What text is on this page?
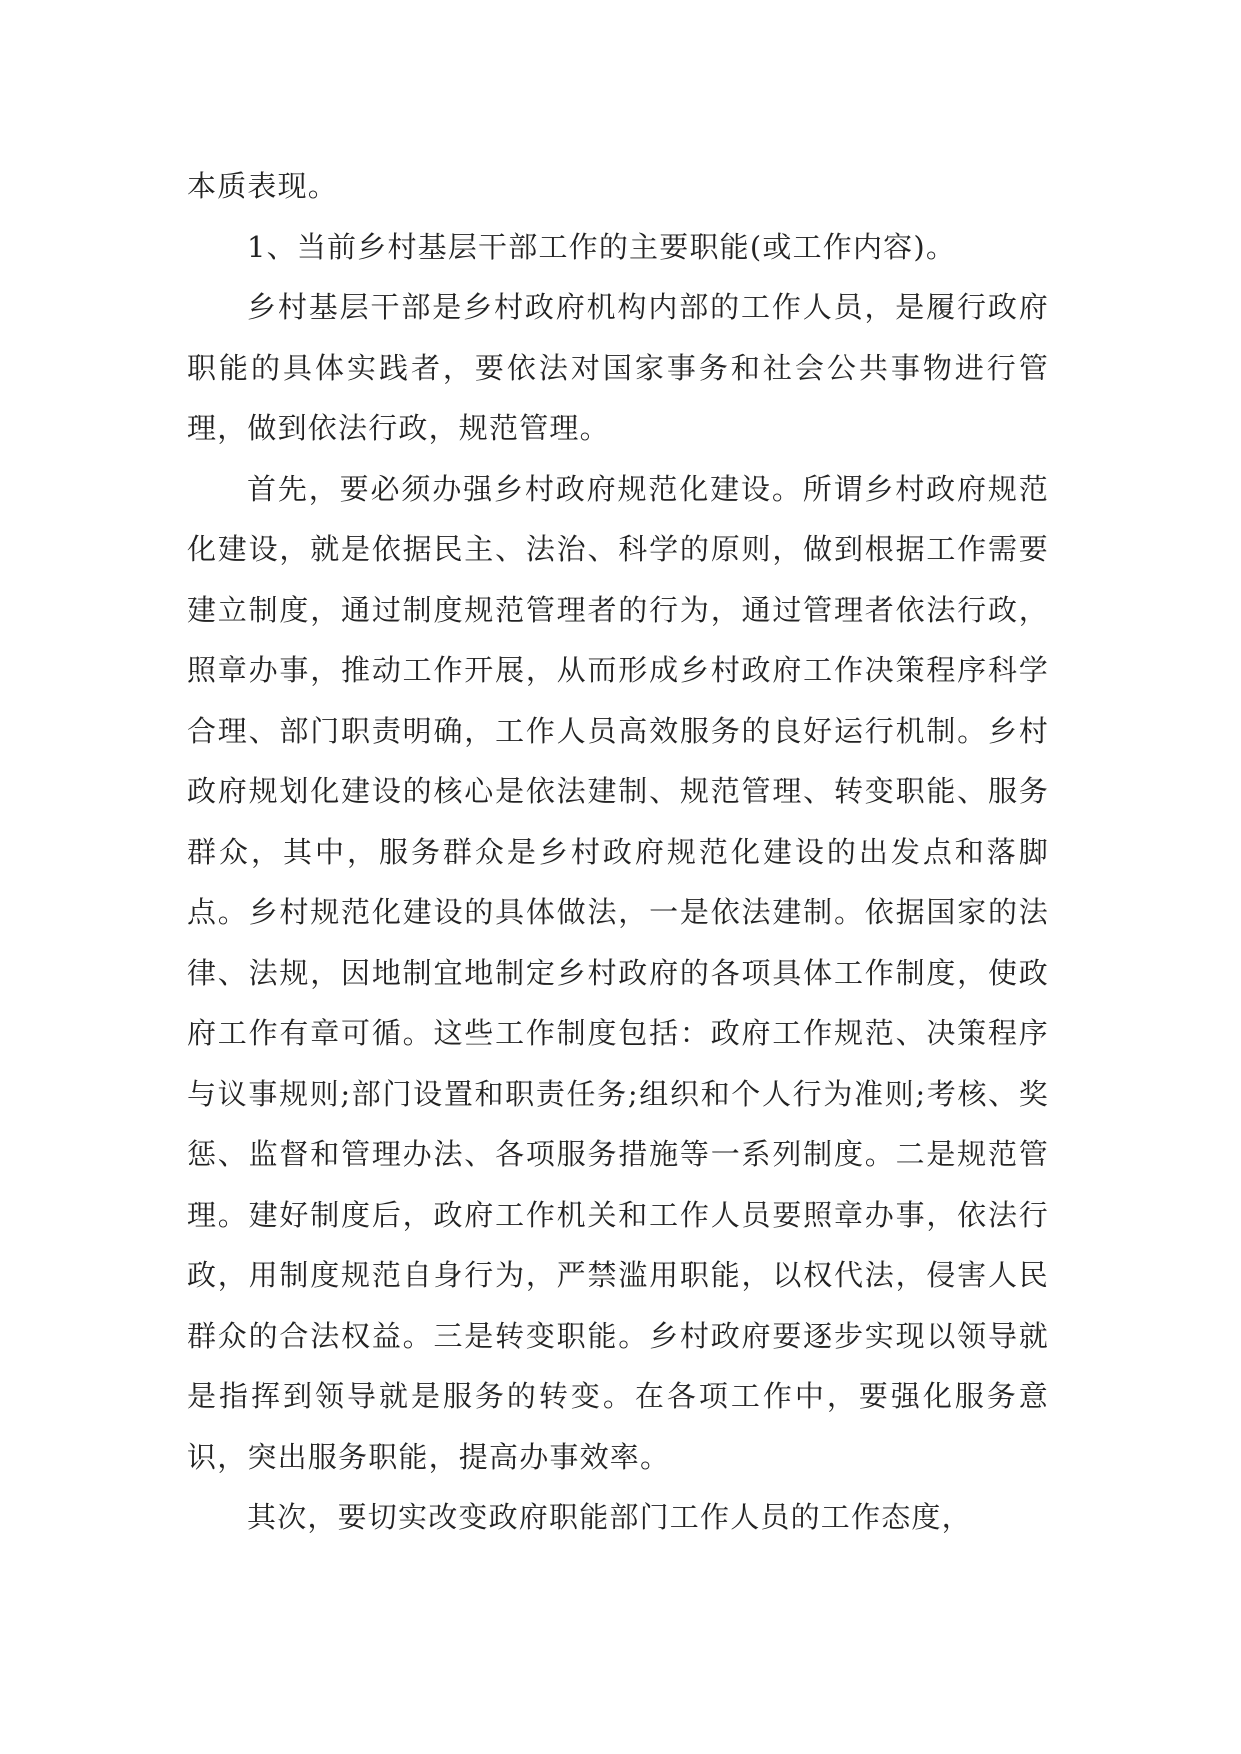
本质表现。

1、当前乡村基层干部工作的主要职能(或工作内容)。

乡村基层干部是乡村政府机构内部的工作人员，是履行政府职能的具体实践者，要依法对国家事务和社会公共事物进行管理，做到依法行政，规范管理。

首先，要必须办强乡村政府规范化建设。所谓乡村政府规范化建设，就是依据民主、法治、科学的原则，做到根据工作需要建立制度，通过制度规范管理者的行为，通过管理者依法行政，照章办事，推动工作开展，从而形成乡村政府工作决策程序科学合理、部门职责明确，工作人员高效服务的良好运行机制。乡村政府规划化建设的核心是依法建制、规范管理、转变职能、服务群众，其中，服务群众是乡村政府规范化建设的出发点和落脚点。乡村规范化建设的具体做法，一是依法建制。依据国家的法律、法规，因地制宜地制定乡村政府的各项具体工作制度，使政府工作有章可循。这些工作制度包括：政府工作规范、决策程序与议事规则;部门设置和职责任务;组织和个人行为准则;考核、奖惩、监督和管理办法、各项服务措施等一系列制度。二是规范管理。建好制度后，政府工作机关和工作人员要照章办事，依法行政，用制度规范自身行为，严禁滥用职能，以权代法，侵害人民群众的合法权益。三是转变职能。乡村政府要逐步实现以领导就是指挥到领导就是服务的转变。在各项工作中，要强化服务意识，突出服务职能，提高办事效率。

其次，要切实改变政府职能部门工作人员的工作态度，
